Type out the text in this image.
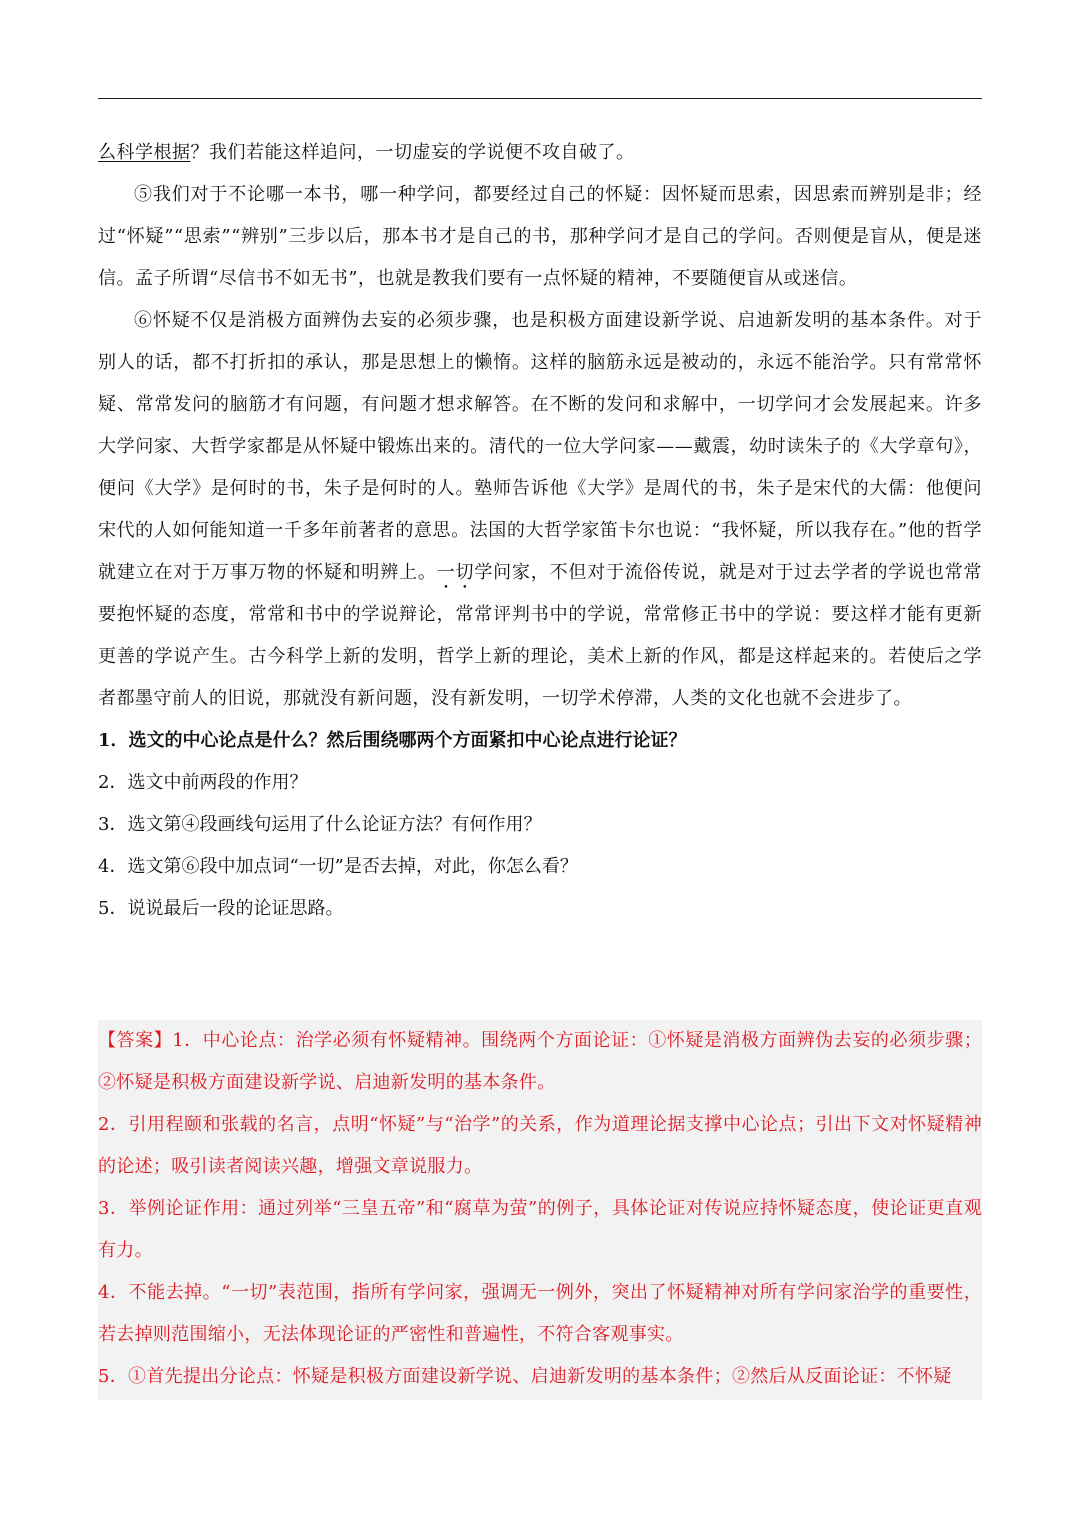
么科学根据？我们若能这样追问，一切虚妄的学说便不攻自破了。

⑤我们对于不论哪一本书，哪一种学问，都要经过自己的怀疑：因怀疑而思索，因思索而辨别是非；经过“怀疑”“思索”“辨别”三步以后，那本书才是自己的书，那种学问才是自己的学问。否则便是盲从，便是迷信。孟子所谓“尽信书不如无书”，也就是教我们要有一点怀疑的精神，不要随便盲从或迷信。

⑥怀疑不仅是消极方面辨伪去妄的必须步骤，也是积极方面建设新学说、启迪新发明的基本条件。对于别人的话，都不打折扣的承认，那是思想上的懒惰。这样的脑筋永远是被动的，永远不能治学。只有常常怀疑、常常发问的脑筋才有问题，有问题才想求解答。在不断的发问和求解中，一切学问才会发展起来。许多大学问家、大哲学家都是从怀疑中锻炼出来的。清代的一位大学问家——戴震，幼时读朱子的《大学章句》，便问《大学》是何时的书，朱子是何时的人。塾师告诉他《大学》是周代的书，朱子是宋代的大儒：他便问宋代的人如何能知道一千多年前著者的意思。法国的大哲学家笛卡尔也说：“我怀疑，所以我存在。”他的哲学就建立在对于万事万物的怀疑和明辨上。一切学问家，不但对于流俗传说，就是对于过去学者的学说也常常要抱怀疑的态度，常常和书中的学说辩论，常常评判书中的学说，常常修正书中的学说：要这样才能有更新更善的学说产生。古今科学上新的发明，哲学上新的理论，美术上新的作风，都是这样起来的。若使后之学者都墨守前人的旧说，那就没有新问题，没有新发明，一切学术停滞，人类的文化也就不会进步了。

1．选文的中心论点是什么？然后围绕哪两个方面紧扣中心论点进行论证？

2．选文中前两段的作用？

3．选文第④段画线句运用了什么论证方法？有何作用？

4．选文第⑥段中加点词“一切”是否去掉，对此，你怎么看？

5．说说最后一段的论证思路。

【答案】1．中心论点：治学必须有怀疑精神。围绕两个方面论证：①怀疑是消极方面辨伪去妄的必须步骤；②怀疑是积极方面建设新学说、启迪新发明的基本条件。

2．引用程颐和张载的名言，点明“怀疑”与“治学”的关系，作为道理论据支撑中心论点；引出下文对怀疑精神的论述；吸引读者阅读兴趣，增强文章说服力。

3．举例论证作用：通过列举“三皇五帝”和“腐草为萤”的例子，具体论证对传说应持怀疑态度，使论证更直观有力。

4．不能去掉。“一切”表范围，指所有学问家，强调无一例外，突出了怀疑精神对所有学问家治学的重要性，若去掉则范围缩小，无法体现论证的严密性和普遍性，不符合客观事实。

5．①首先提出分论点：怀疑是积极方面建设新学说、启迪新发明的基本条件；②然后从反面论证：不怀疑
